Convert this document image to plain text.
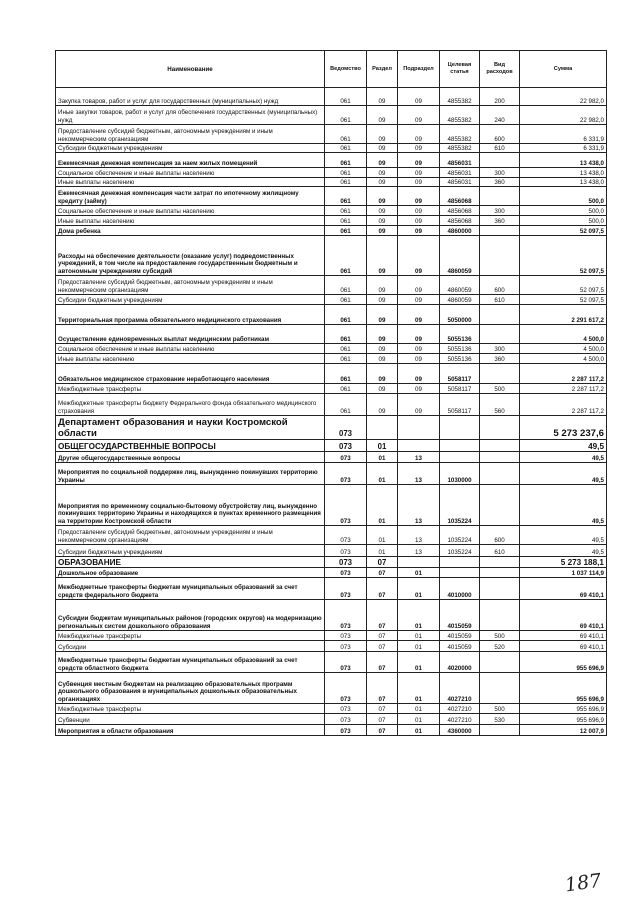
Наименование	Ведомство	Раздел	Подраздел	Целевая статья	Вид расходов	Сумма
Закупка товаров, работ и услуг для государственных (муниципальных) нужд	061	09	09	4855382	200	22 982,0
Иные закупки товаров, работ и услуг для обеспечения государственных (муниципальных) нужд	061	09	09	4855382	240	22 982,0
Предоставление субсидий бюджетным, автономным учреждениям и иным некоммерческим организациям	061	09	09	4855382	600	6 331,9
Субсидии бюджетным учреждениям	061	09	09	4855382	610	6 331,9
Ежемесячная денежная компенсация за наем жилых помещений	061	09	09	4856031		13 438,0
Социальное обеспечение и иные выплаты населению	061	09	09	4856031	300	13 438,0
Иные выплаты населению	061	09	09	4856031	360	13 438,0
Ежемесячная денежная компенсация части затрат по ипотечному жилищному кредиту (займу)	061	09	09	4856068		500,0
Социальное обеспечение и иные выплаты населению	061	09	09	4856068	300	500,0
Иные выплаты населению	061	09	09	4856068	360	500,0
Дома ребенка	061	09	09	4860000		52 097,5
Расходы на обеспечение деятельности (оказание услуг) подведомственных учреждений, в том числе на предоставление государственным бюджетным и автономным учреждениям субсидий	061	09	09	4860059		52 097,5
Предоставление субсидий бюджетным, автономным учреждениям и иным некоммерческим организациям	061	09	09	4860059	600	52 097,5
Субсидии бюджетным учреждениям	061	09	09	4860059	610	52 097,5
Территориальная программа обязательного медицинского страхования	061	09	09	5050000		2 291 617,2
Осуществление единовременных выплат медицинским работникам	061	09	09	5055136		4 500,0
Социальное обеспечение и иные выплаты населению	061	09	09	5055136	300	4 500,0
Иные выплаты населению	061	09	09	5055136	360	4 500,0
Обязательное медицинское страхование неработающего населения	061	09	09	5058117		2 287 117,2
Межбюджетные трансферты	061	09	09	5058117	500	2 287 117,2
Межбюджетные трансферты бюджету Федерального фонда обязательного медицинского страхования	061	09	09	5058117	560	2 287 117,2
Департамент образования и науки Костромской области	073					5 273 237,6
ОБЩЕГОСУДАРСТВЕННЫЕ ВОПРОСЫ	073	01				49,5
Другие общегосударственные вопросы	073	01	13			49,5
Мероприятия по социальной поддержке лиц, вынужденно покинувших территорию Украины	073	01	13	1030000		49,5
Мероприятия по временному социально-бытовому обустройству лиц, вынужденно покинувших территорию Украины и находящихся в пунктах временного размещения на территории Костромской области	073	01	13	1035224		49,5
Предоставление субсидий бюджетным, автономным учреждениям и иным некоммерческим организациям	073	01	13	1035224	600	49,5
Субсидии бюджетным учреждениям	073	01	13	1035224	610	49,5
ОБРАЗОВАНИЕ	073	07				5 273 188,1
Дошкольное образование	073	07	01			1 037 114,9
Межбюджетные трансферты бюджетам муниципальных образований за счет средств федерального бюджета	073	07	01	4010000		69 410,1
Субсидии бюджетам муниципальных районов (городских округов) на модернизацию региональных систем дошкольного образования	073	07	01	4015059		69 410,1
Межбюджетные трансферты	073	07	01	4015059	500	69 410,1
Субсидии	073	07	01	4015059	520	69 410,1
Межбюджетные трансферты бюджетам муниципальных образований за счет средств областного бюджета	073	07	01	4020000		955 696,9
Субвенция местным бюджетам на реализацию образовательных программ дошкольного образования в муниципальных дошкольных образовательных организациях	073	07	01	4027210		955 696,9
Межбюджетные трансферты	073	07	01	4027210	500	955 696,9
Субвенции	073	07	01	4027210	530	955 696,9
Мероприятия в области образования	073	07	01	4360000		12 007,9
187
